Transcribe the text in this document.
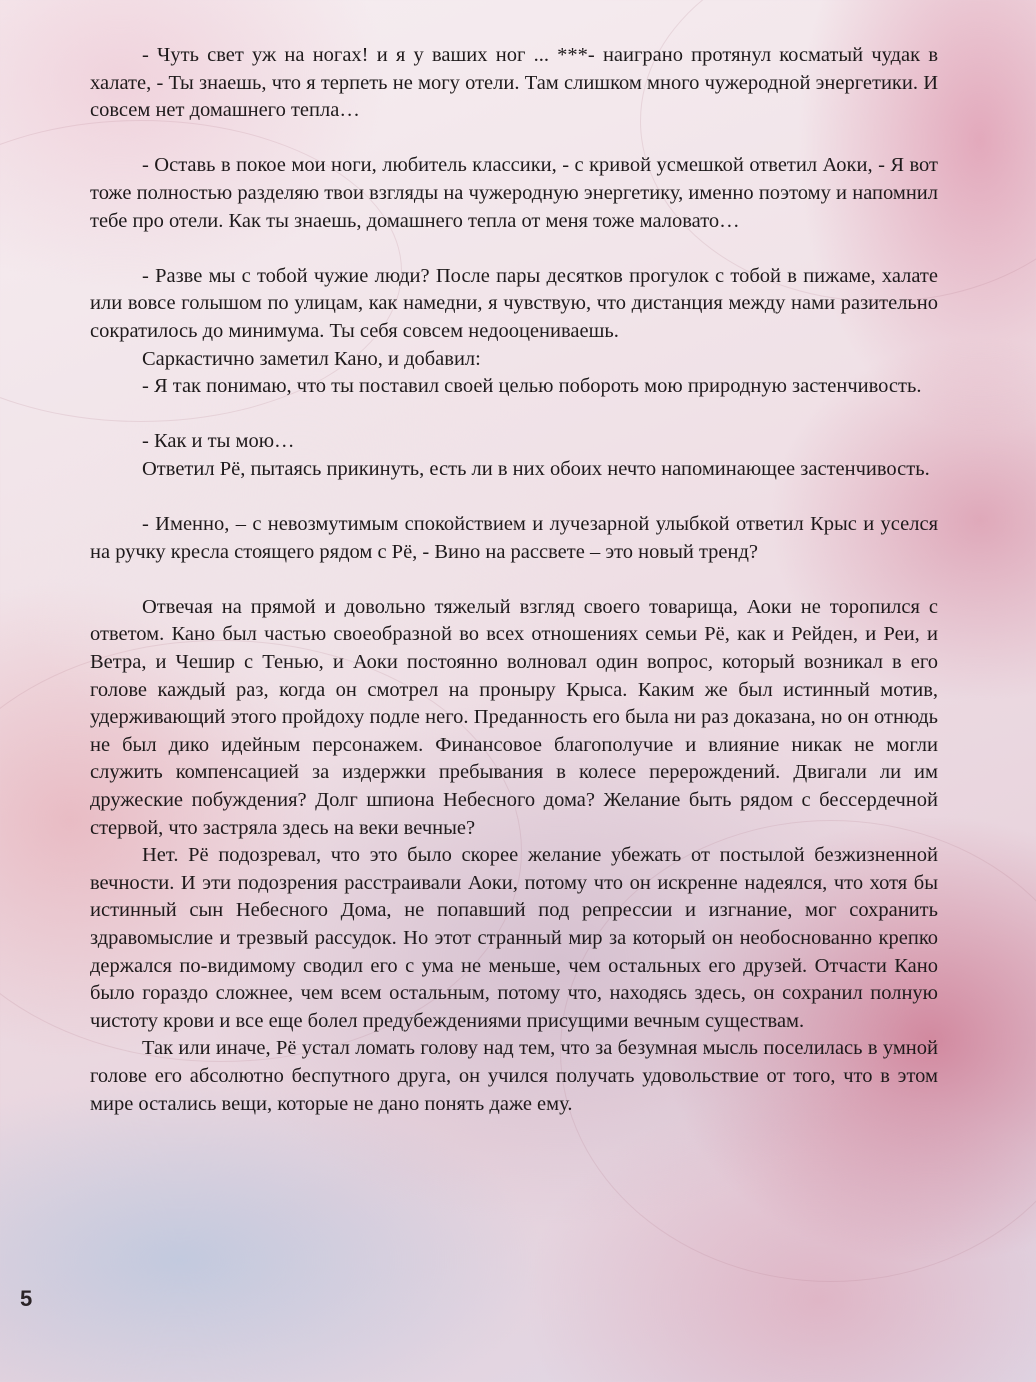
- Чуть свет уж на ногах! и я у ваших ног ... ***- наиграно протянул косматый чудак в халате, - Ты знаешь, что я терпеть не могу отели. Там слишком много чужеродной энергетики. И совсем нет домашнего тепла…

- Оставь в покое мои ноги, любитель классики, - с кривой усмешкой ответил Аоки, - Я вот тоже полностью разделяю твои взгляды на чужеродную энергетику, именно поэтому и напомнил тебе про отели. Как ты знаешь, домашнего тепла от меня тоже маловато…

- Разве мы с тобой чужие люди? После пары десятков прогулок с тобой в пижаме, халате или вовсе голышом по улицам, как намедни, я чувствую, что дистанция между нами разительно сократилось до минимума. Ты себя совсем недооцениваешь.

Саркастично заметил Кано, и добавил:

- Я так понимаю, что ты поставил своей целью побороть мою природную застенчивость.

- Как и ты мою…

Ответил Рё, пытаясь прикинуть, есть ли в них обоих нечто напоминающее застенчивость.

- Именно, – с невозмутимым спокойствием и лучезарной улыбкой ответил Крыс и уселся на ручку кресла стоящего рядом с Рё, - Вино на рассвете – это новый тренд?

Отвечая на прямой и довольно тяжелый взгляд своего товарища, Аоки не торопился с ответом. Кано был частью своеобразной во всех отношениях семьи Рё, как и Рейден, и Реи, и Ветра, и Чешир с Тенью, и Аоки постоянно волновал один вопрос, который возникал в его голове каждый раз, когда он смотрел на проныру Крыса. Каким же был истинный мотив, удерживающий этого пройдоху подле него. Преданность его была ни раз доказана, но он отнюдь не был дико идейным персонажем. Финансовое благополучие и влияние никак не могли служить компенсацией за издержки пребывания в колесе перерождений. Двигали ли им дружеские побуждения? Долг шпиона Небесного дома? Желание быть рядом с бессердечной стервой, что застряла здесь на веки вечные?

Нет. Рё подозревал, что это было скорее желание убежать от постылой безжизненной вечности. И эти подозрения расстраивали Аоки, потому что он искренне надеялся, что хотя бы истинный сын Небесного Дома, не попавший под репрессии и изгнание, мог сохранить здравомыслие и трезвый рассудок. Но этот странный мир за который он необоснованно крепко держался по-видимому сводил его с ума не меньше, чем остальных его друзей. Отчасти Кано было гораздо сложнее, чем всем остальным, потому что, находясь здесь, он сохранил полную чистоту крови и все еще болел предубеждениями присущими вечным существам.

Так или иначе, Рё устал ломать голову над тем, что за безумная мысль поселилась в умной голове его абсолютно беспутного друга, он учился получать удовольствие от того, что в этом мире остались вещи, которые не дано понять даже ему.

5
